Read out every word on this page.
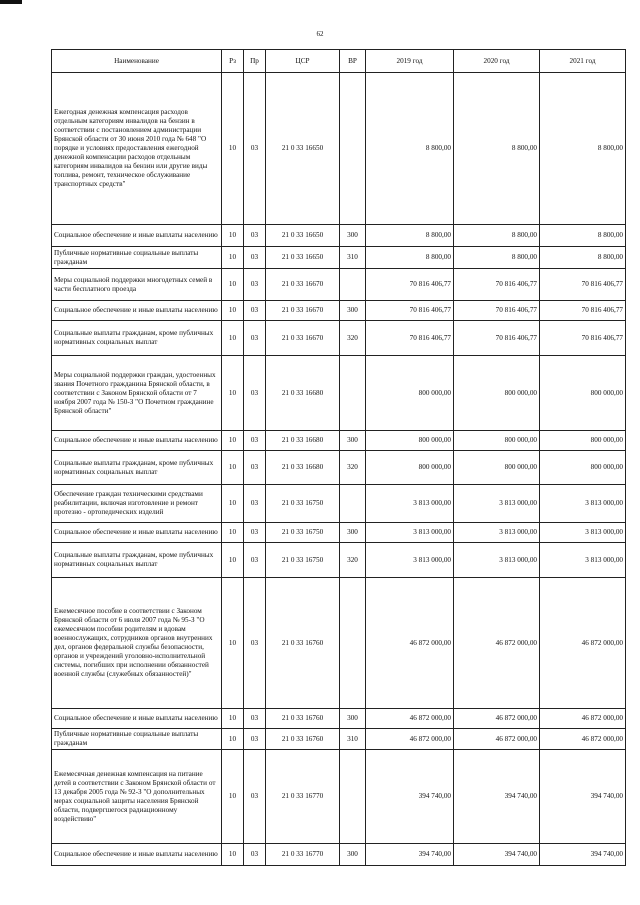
62
Наименование	Рз	Пр	ЦСР	ВР	2019 год	2020 год	2021 год
Ежегодная денежная компенсация расходов отдельным категориям инвалидов на бензин в соответствии с постановлением администрации Брянской области от 30 июня 2010 года № 648 "О порядке и условиях предоставления ежегодной денежной компенсации расходов отдельным категориям инвалидов на бензин или другие виды топлива, ремонт, техническое обслуживание транспортных средств"	10	03	21 0 33 16650		8 800,00	8 800,00	8 800,00
Социальное обеспечение и иные выплаты населению	10	03	21 0 33 16650	300	8 800,00	8 800,00	8 800,00
Публичные нормативные социальные выплаты гражданам	10	03	21 0 33 16650	310	8 800,00	8 800,00	8 800,00
Меры социальной поддержки многодетных семей в части бесплатного проезда	10	03	21 0 33 16670		70 816 406,77	70 816 406,77	70 816 406,77
Социальное обеспечение и иные выплаты населению	10	03	21 0 33 16670	300	70 816 406,77	70 816 406,77	70 816 406,77
Социальные выплаты гражданам, кроме публичных нормативных социальных выплат	10	03	21 0 33 16670	320	70 816 406,77	70 816 406,77	70 816 406,77
Меры социальной поддержки граждан, удостоенных звания Почетного гражданина Брянской области, в соответствии с Законом Брянской области от 7 ноября 2007 года № 150-З "О Почетном гражданине Брянской области"	10	03	21 0 33 16680		800 000,00	800 000,00	800 000,00
Социальное обеспечение и иные выплаты населению	10	03	21 0 33 16680	300	800 000,00	800 000,00	800 000,00
Социальные выплаты гражданам, кроме публичных нормативных социальных выплат	10	03	21 0 33 16680	320	800 000,00	800 000,00	800 000,00
Обеспечение граждан техническими средствами реабилитации, включая изготовление и ремонт протезно - ортопедических изделий	10	03	21 0 33 16750		3 813 000,00	3 813 000,00	3 813 000,00
Социальное обеспечение и иные выплаты населению	10	03	21 0 33 16750	300	3 813 000,00	3 813 000,00	3 813 000,00
Социальные выплаты гражданам, кроме публичных нормативных социальных выплат	10	03	21 0 33 16750	320	3 813 000,00	3 813 000,00	3 813 000,00
Ежемесячное пособие в соответствии с Законом Брянской области от 6 июля 2007 года № 95-З "О ежемесячном пособии родителям и вдовам военнослужащих, сотрудников органов внутренних дел, органов федеральной службы безопасности, органов и учреждений уголовно-исполнительной системы, погибших при исполнении обязанностей военной службы (служебных обязанностей)"	10	03	21 0 33 16760		46 872 000,00	46 872 000,00	46 872 000,00
Социальное обеспечение и иные выплаты населению	10	03	21 0 33 16760	300	46 872 000,00	46 872 000,00	46 872 000,00
Публичные нормативные социальные выплаты гражданам	10	03	21 0 33 16760	310	46 872 000,00	46 872 000,00	46 872 000,00
Ежемесячная денежная компенсация на питание детей в соответствии с Законом Брянской области от 13 декабря 2005 года № 92-З "О дополнительных мерах социальной защиты населения Брянской области, подвергшегося радиационному воздействию"	10	03	21 0 33 16770		394 740,00	394 740,00	394 740,00
Социальное обеспечение и иные выплаты населению	10	03	21 0 33 16770	300	394 740,00	394 740,00	394 740,00
